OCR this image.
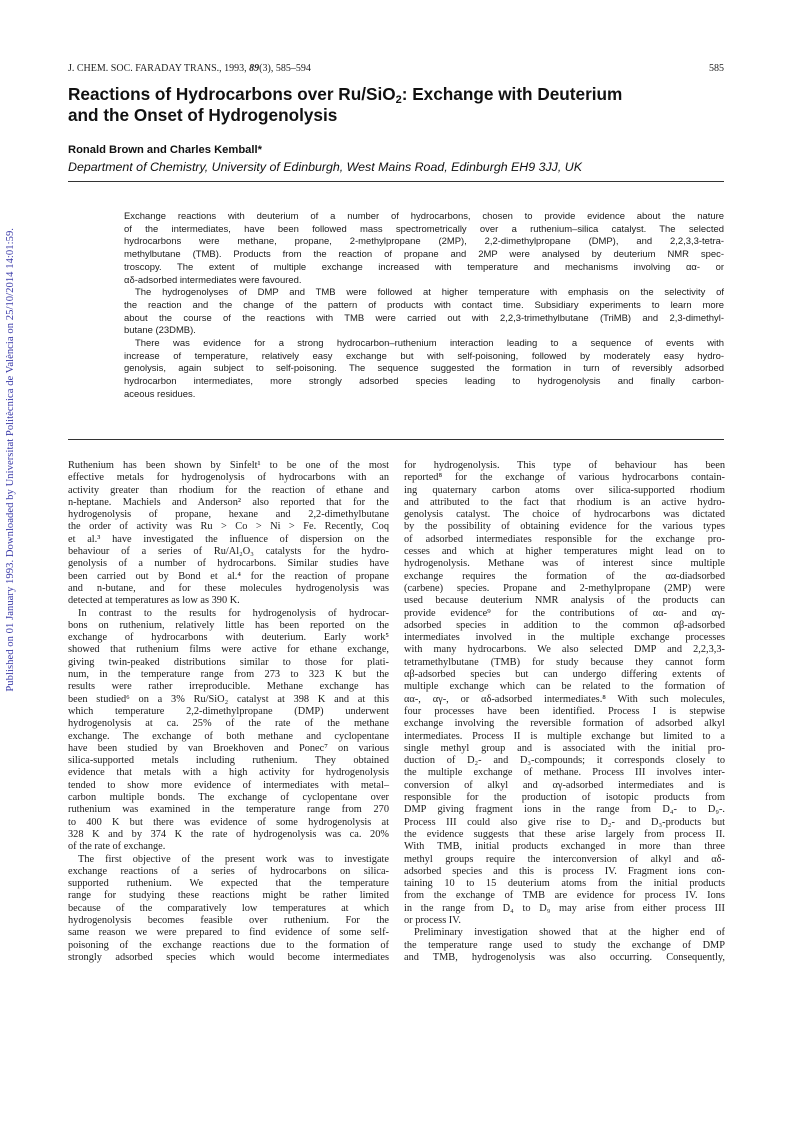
Published on 01 January 1993. Downloaded by Universitat Politècnica de València on 25/10/2014 14:01:59.
J. CHEM. SOC. FARADAY TRANS., 1993, 89(3), 585–594	585
Reactions of Hydrocarbons over Ru/SiO$_2$: Exchange with Deuterium
and the Onset of Hydrogenolysis
Ronald Brown and Charles Kemball*
Department of Chemistry, University of Edinburgh, West Mains Road, Edinburgh EH9 3JJ, UK
Exchange reactions with deuterium of a number of hydrocarbons, chosen to provide evidence about the nature
of the intermediates, have been followed mass spectrometrically over a ruthenium–silica catalyst. The selected
hydrocarbons were methane, propane, 2-methylpropane (2MP), 2,2-dimethylpropane (DMP), and 2,2,3,3-tetra-
methylbutane (TMB). Products from the reaction of propane and 2MP were analysed by deuterium NMR spec-
troscopy. The extent of multiple exchange increased with temperature and mechanisms involving αα- or
αδ-adsorbed intermediates were favoured.
The hydrogenolyses of DMP and TMB were followed at higher temperature with emphasis on the selectivity of
the reaction and the change of the pattern of products with contact time. Subsidiary experiments to learn more
about the course of the reactions with TMB were carried out with 2,2,3-trimethylbutane (TriMB) and 2,3-dimethyl-
butane (23DMB).
There was evidence for a strong hydrocarbon–ruthenium interaction leading to a sequence of events with
increase of temperature, relatively easy exchange but with self-poisoning, followed by moderately easy hydro-
genolysis, again subject to self-poisoning. The sequence suggested the formation in turn of reversibly adsorbed
hydrocarbon intermediates, more strongly adsorbed species leading to hydrogenolysis and finally carbon-
aceous residues.
Ruthenium has been shown by Sinfelt¹ to be one of the most
effective metals for hydrogenolysis of hydrocarbons with an
activity greater than rhodium for the reaction of ethane and
n-heptane. Machiels and Anderson² also reported that for the
hydrogenolysis of propane, hexane and 2,2-dimethylbutane
the order of activity was Ru > Co > Ni > Fe. Recently, Coq
et al.³ have investigated the influence of dispersion on the
behaviour of a series of Ru/Al₂O₃ catalysts for the hydro-
genolysis of a number of hydrocarbons. Similar studies have
been carried out by Bond et al.⁴ for the reaction of propane
and n-butane, and for these molecules hydrogenolysis was
detected at temperatures as low as 390 K.
In contrast to the results for hydrogenolysis of hydrocar-
bons on ruthenium, relatively little has been reported on the
exchange of hydrocarbons with deuterium. Early work⁵
showed that ruthenium films were active for ethane exchange,
giving twin-peaked distributions similar to those for plati-
num, in the temperature range from 273 to 323 K but the
results were rather irreproducible. Methane exchange has
been studied⁶ on a 3% Ru/SiO₂ catalyst at 398 K and at this
which temperature 2,2-dimethylpropane (DMP) underwent
hydrogenolysis at ca. 25% of the rate of the methane
exchange. The exchange of both methane and cyclopentane
have been studied by van Broekhoven and Ponec⁷ on various
silica-supported metals including ruthenium. They obtained
evidence that metals with a high activity for hydrogenolysis
tended to show more evidence of intermediates with metal–
carbon multiple bonds. The exchange of cyclopentane over
ruthenium was examined in the temperature range from 270
to 400 K but there was evidence of some hydrogenolysis at
328 K and by 374 K the rate of hydrogenolysis was ca. 20%
of the rate of exchange.
The first objective of the present work was to investigate
exchange reactions of a series of hydrocarbons on silica-
supported ruthenium. We expected that the temperature
range for studying these reactions might be rather limited
because of the comparatively low temperatures at which
hydrogenolysis becomes feasible over ruthenium. For the
same reason we were prepared to find evidence of some self-
poisoning of the exchange reactions due to the formation of
strongly adsorbed species which would become intermediates
for hydrogenolysis. This type of behaviour has been
reported⁸ for the exchange of various hydrocarbons contain-
ing quaternary carbon atoms over silica-supported rhodium
and attributed to the fact that rhodium is an active hydro-
genolysis catalyst. The choice of hydrocarbons was dictated
by the possibility of obtaining evidence for the various types
of adsorbed intermediates responsible for the exchange pro-
cesses and which at higher temperatures might lead on to
hydrogenolysis. Methane was of interest since multiple
exchange requires the formation of the αα-diadsorbed
(carbene) species. Propane and 2-methylpropane (2MP) were
used because deuterium NMR analysis of the products can
provide evidence⁹ for the contributions of αα- and αγ-
adsorbed species in addition to the common αβ-adsorbed
intermediates involved in the multiple exchange processes
with many hydrocarbons. We also selected DMP and 2,2,3,3-
tetramethylbutane (TMB) for study because they cannot form
αβ-adsorbed species but can undergo differing extents of
multiple exchange which can be related to the formation of
αα-, αγ-, or αδ-adsorbed intermediates.⁸ With such molecules,
four processes have been identified. Process I is stepwise
exchange involving the reversible formation of adsorbed alkyl
intermediates. Process II is multiple exchange but limited to a
single methyl group and is associated with the initial pro-
duction of D₂- and D₃-compounds; it corresponds closely to
the multiple exchange of methane. Process III involves inter-
conversion of alkyl and αγ-adsorbed intermediates and is
responsible for the production of isotopic products from
DMP giving fragment ions in the range from D₄- to D₉-.
Process III could also give rise to D₂- and D₃-products but
the evidence suggests that these arise largely from process II.
With TMB, initial products exchanged in more than three
methyl groups require the interconversion of alkyl and αδ-
adsorbed species and this is process IV. Fragment ions con-
taining 10 to 15 deuterium atoms from the initial products
from the exchange of TMB are evidence for process IV. Ions
in the range from D₄ to D₉ may arise from either process III
or process IV.
Preliminary investigation showed that at the higher end of
the temperature range used to study the exchange of DMP
and TMB, hydrogenolysis was also occurring. Consequently,
